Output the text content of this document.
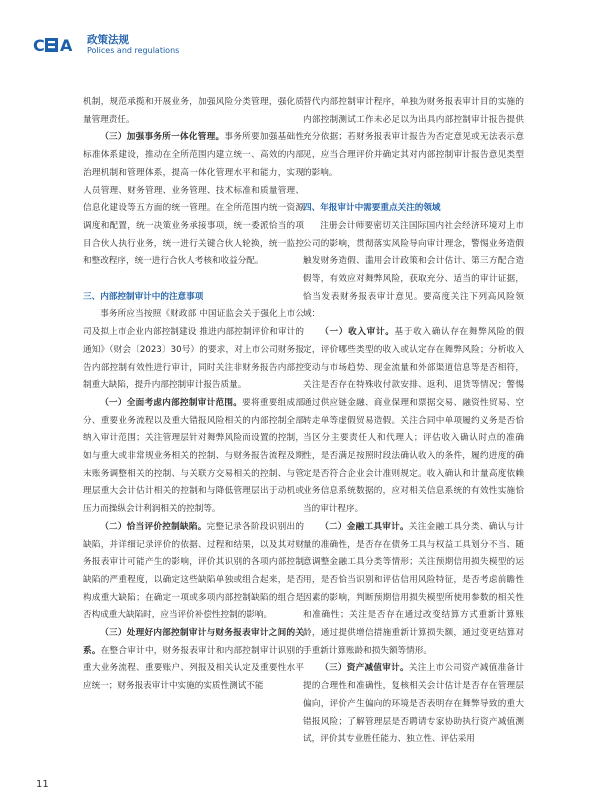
C A 政策法规
Polices and regulations

机制，规范承揽和开展业务，加强风险分类管理，强化质量管理责任。

（三）加强事务所一体化管理。事务所要加强基础性标准体系建设，推动在全所范围内建立统一、高效的内部治理机制和管理体系，提高一体化管理水平和能力，实现人员管理、财务管理、业务管理、技术标准和质量管理、信息化建设等五方面的统一管理。在全所范围内统一资源调度和配置，统一决策业务承接事项，统一委派恰当的项目合伙人执行业务，统一进行关键合伙人轮换，统一监控和整改程序，统一进行合伙人考核和收益分配。

三、内部控制审计中的注意事项

事务所应当按照《财政部 中国证监会关于强化上市公司及拟上市企业内部控制建设 推进内部控制评价和审计的通知》（财会〔2023〕30号）的要求，对上市公司财务报告内部控制有效性进行审计，同时关注非财务报告内部控制重大缺陷，提升内部控制审计报告质量。

（一）全面考虑内部控制审计范围。要将重要组成部分、重要业务流程以及重大错报风险相关的内部控制全部纳入审计范围；关注管理层针对舞弊风险而设置的控制，如与重大或非常规业务相关的控制、与财务报告流程及期末账务调整相关的控制、与关联方交易相关的控制、与管理层重大会计估计相关的控制和与降低管理层出于动机或压力而操纵会计利润相关的控制等。

（二）恰当评价控制缺陷。完整记录各阶段识别出的缺陷，并详细记录评价的依据、过程和结果，以及其对财务报表审计可能产生的影响，评价其识别的各项内部控制缺陷的严重程度，以确定这些缺陷单独或组合起来，是否构成重大缺陷；在确定一项或多项内部控制缺陷的组合是否构成重大缺陷时，应当评价补偿性控制的影响。

（三）处理好内部控制审计与财务报表审计之间的关系。在整合审计中，财务报表审计和内部控制审计识别的重大业务流程、重要账户、列报及相关认定及重要性水平应统一；财务报表审计中实施的实质性测试不能

替代内部控制审计程序，单独为财务报表审计目的实施的内部控制测试工作未必足以为出具内部控制审计报告提供充分依据；若财务报表审计报告为否定意见或无法表示意见，应当合理评价并确定其对内部控制审计报告意见类型的影响。

四、年报审计中需要重点关注的领域

注册会计师要密切关注国际国内社会经济环境对上市公司的影响，贯彻落实风险导向审计理念，警惕业务造假触发财务造假、滥用会计政策和会计估计、第三方配合造假等，有效应对舞弊风险，获取充分、适当的审计证据，恰当发表财务报表审计意见。要高度关注下列高风险领域：

（一）收入审计。基于收入确认存在舞弊风险的假定，评价哪些类型的收入或认定存在舞弊风险；分析收入变动与市场趋势、现金流量和外部渠道信息等是否相符，关注是否存在特殊收付款安排、返利、退货等情况；警惕通过供应链金融、商业保理和票据交易、融资性贸易、空转走单等虚假贸易造假。关注合同中单项履约义务是否恰当区分主要责任人和代理人；评估收入确认时点的准确性，是否满足按照时段法确认收入的条件，履约进度的确定是否符合企业会计准则规定。收入确认和计量高度依赖业务信息系统数据的，应对相关信息系统的有效性实施恰当的审计程序。

（二）金融工具审计。关注金融工具分类、确认与计量的准确性，是否存在债务工具与权益工具划分不当、随意调整金融工具分类等情形；关注预期信用损失模型的运用，是否恰当识别和评估信用风险特征，是否考虑前瞻性因素的影响，判断预期信用损失模型所使用参数的相关性和准确性；关注是否存在通过改变结算方式重新计算账龄，通过提供增信措施重新计算损失额，通过变更结算对手重新计算账龄和损失额等情形。

（三）资产减值审计。关注上市公司资产减值准备计提的合理性和准确性，复核相关会计估计是否存在管理层偏向，评价产生偏向的环境是否表明存在舞弊导致的重大错报风险；了解管理层是否聘请专家协助执行资产减值测试，评价其专业胜任能力、独立性、评估采用

11
